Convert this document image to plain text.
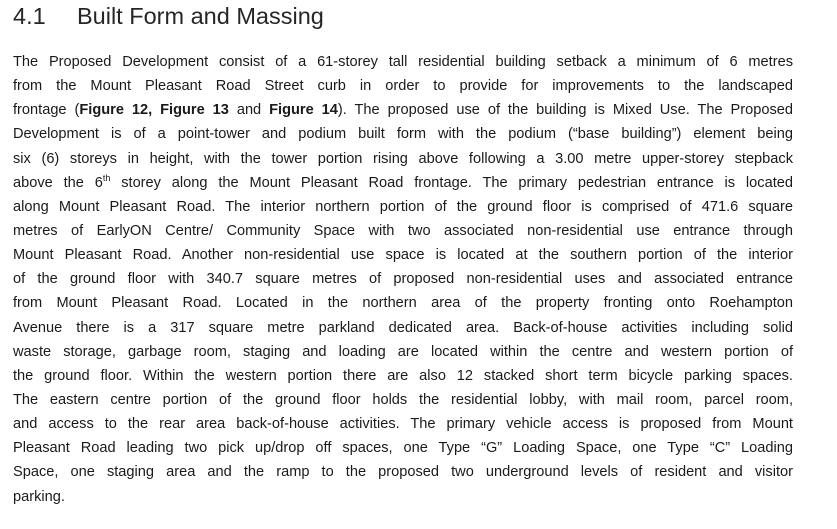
4.1 Built Form and Massing
The Proposed Development consist of a 61-storey tall residential building setback a minimum of 6 metres
from the Mount Pleasant Road Street curb in order to provide for improvements to the landscaped
frontage (Figure 12, Figure 13 and Figure 14). The proposed use of the building is Mixed Use. The Proposed
Development is of a point-tower and podium built form with the podium (“base building”) element being
six (6) storeys in height, with the tower portion rising above following a 3.00 metre upper-storey stepback
above the 6th storey along the Mount Pleasant Road frontage. The primary pedestrian entrance is located
along Mount Pleasant Road. The interior northern portion of the ground floor is comprised of 471.6 square
metres of EarlyON Centre/ Community Space with two associated non-residential use entrance through
Mount Pleasant Road. Another non-residential use space is located at the southern portion of the interior
of the ground floor with 340.7 square metres of proposed non-residential uses and associated entrance
from Mount Pleasant Road. Located in the northern area of the property fronting onto Roehampton
Avenue there is a 317 square metre parkland dedicated area. Back-of-house activities including solid
waste storage, garbage room, staging and loading are located within the centre and western portion of
the ground floor. Within the western portion there are also 12 stacked short term bicycle parking spaces.
The eastern centre portion of the ground floor holds the residential lobby, with mail room, parcel room,
and access to the rear area back-of-house activities. The primary vehicle access is proposed from Mount
Pleasant Road leading two pick up/drop off spaces, one Type “G” Loading Space, one Type “C” Loading
Space, one staging area and the ramp to the proposed two underground levels of resident and visitor
parking.
